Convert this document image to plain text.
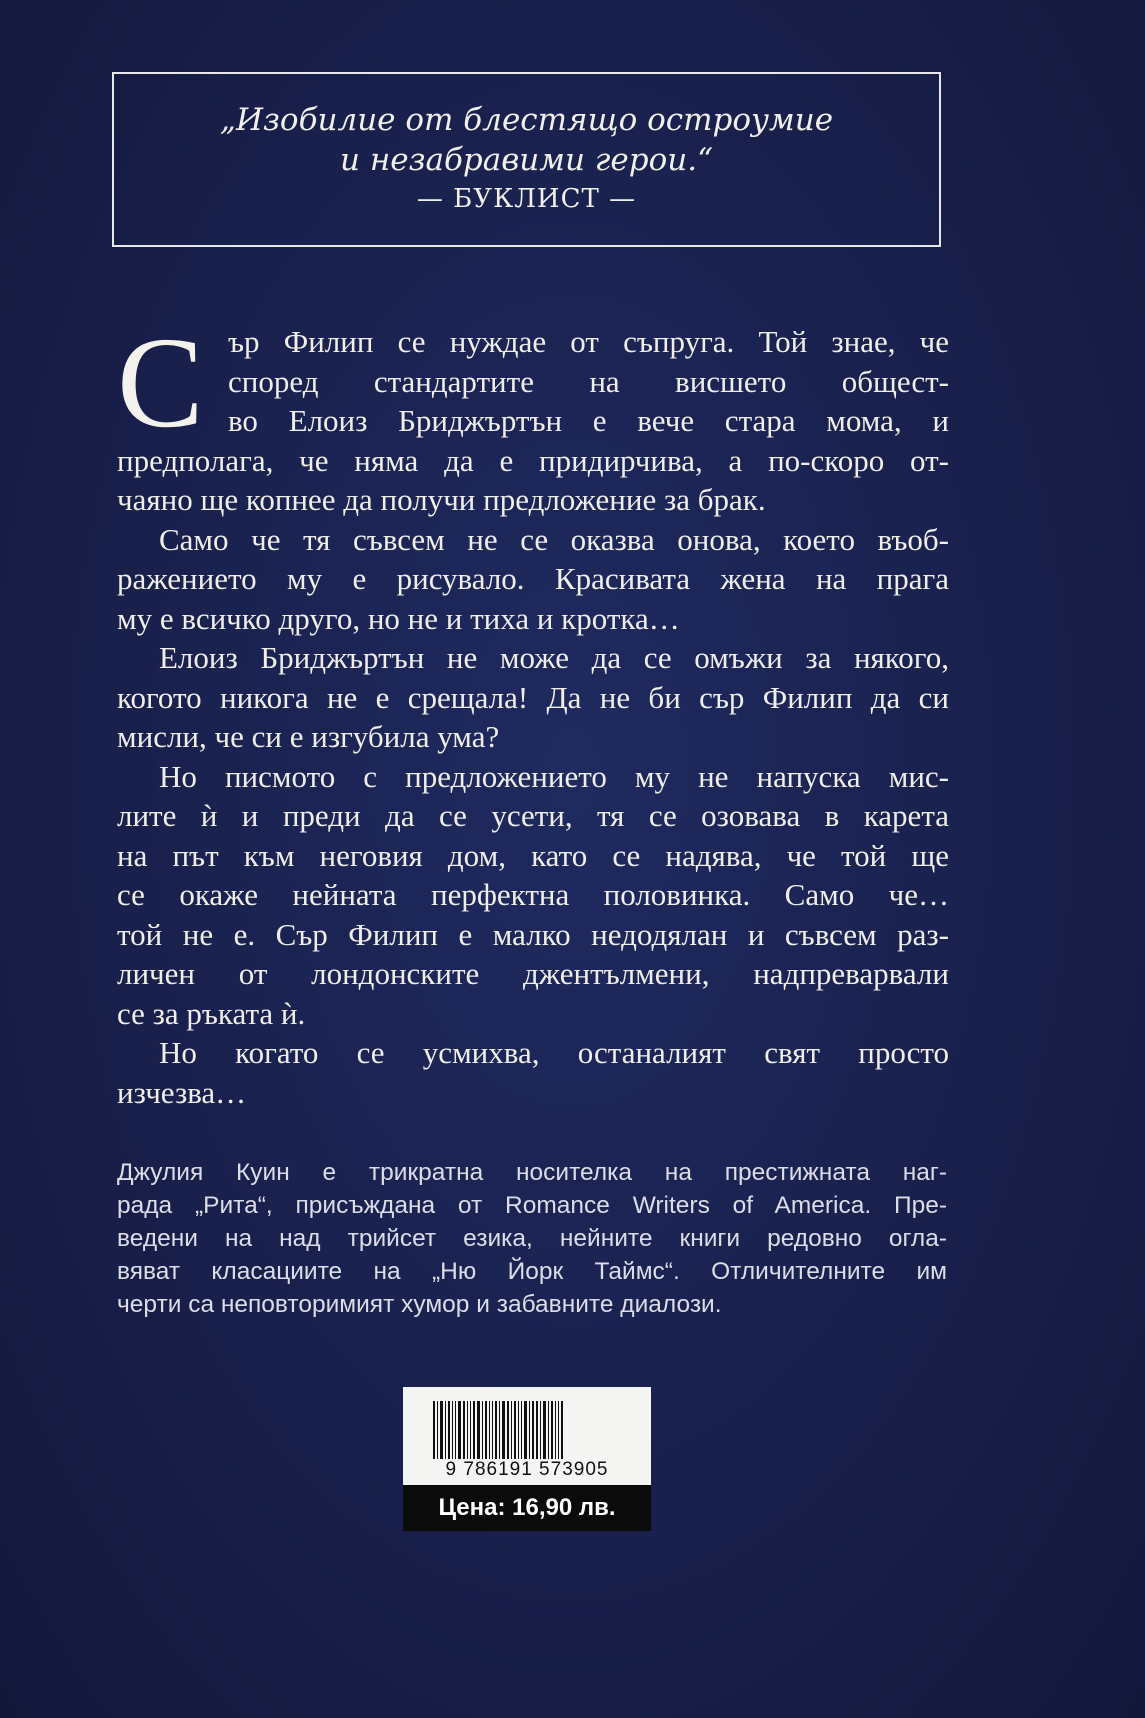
„Изобилие от блестящо остроумие
и незабравими герои.“
— БУКЛИСТ —
С ър Филип се нуждае от съпруга. Той знае, че
според стандартите на висшето общест-
во Елоиз Бриджъртън е вече стара мома, и
предполага, че няма да е придирчива, а по-скоро от-
чаяно ще копнее да получи предложение за брак.
Само че тя съвсем не се оказва онова, което въоб-
ражението му е рисувало. Красивата жена на прага
му е всичко друго, но не и тиха и кротка…
Елоиз Бриджъртън не може да се омъжи за някого,
когото никога не е срещала! Да не би сър Филип да си
мисли, че си е изгубила ума?
Но писмото с предложението му не напуска мис-
лите ѝ и преди да се усети, тя се озовава в карета
на път към неговия дом, като се надява, че той ще
се окаже нейната перфектна половинка. Само че…
той не е. Сър Филип е малко недодялан и съвсем раз-
личен от лондонските джентълмени, надпреварвали
се за ръката ѝ.
Но когато се усмихва, останалият свят просто
изчезва…
Джулия Куин е трикратна носителка на престижната наг-
рада „Рита“, присъждана от Romance Writers of America. Пре-
ведени на над трийсет езика, нейните книги редовно огла-
вяват класациите на „Ню Йорк Таймс“. Отличителните им
черти са неповторимият хумор и забавните диалози.
9 786191 573905
Цена: 16,90 лв.
